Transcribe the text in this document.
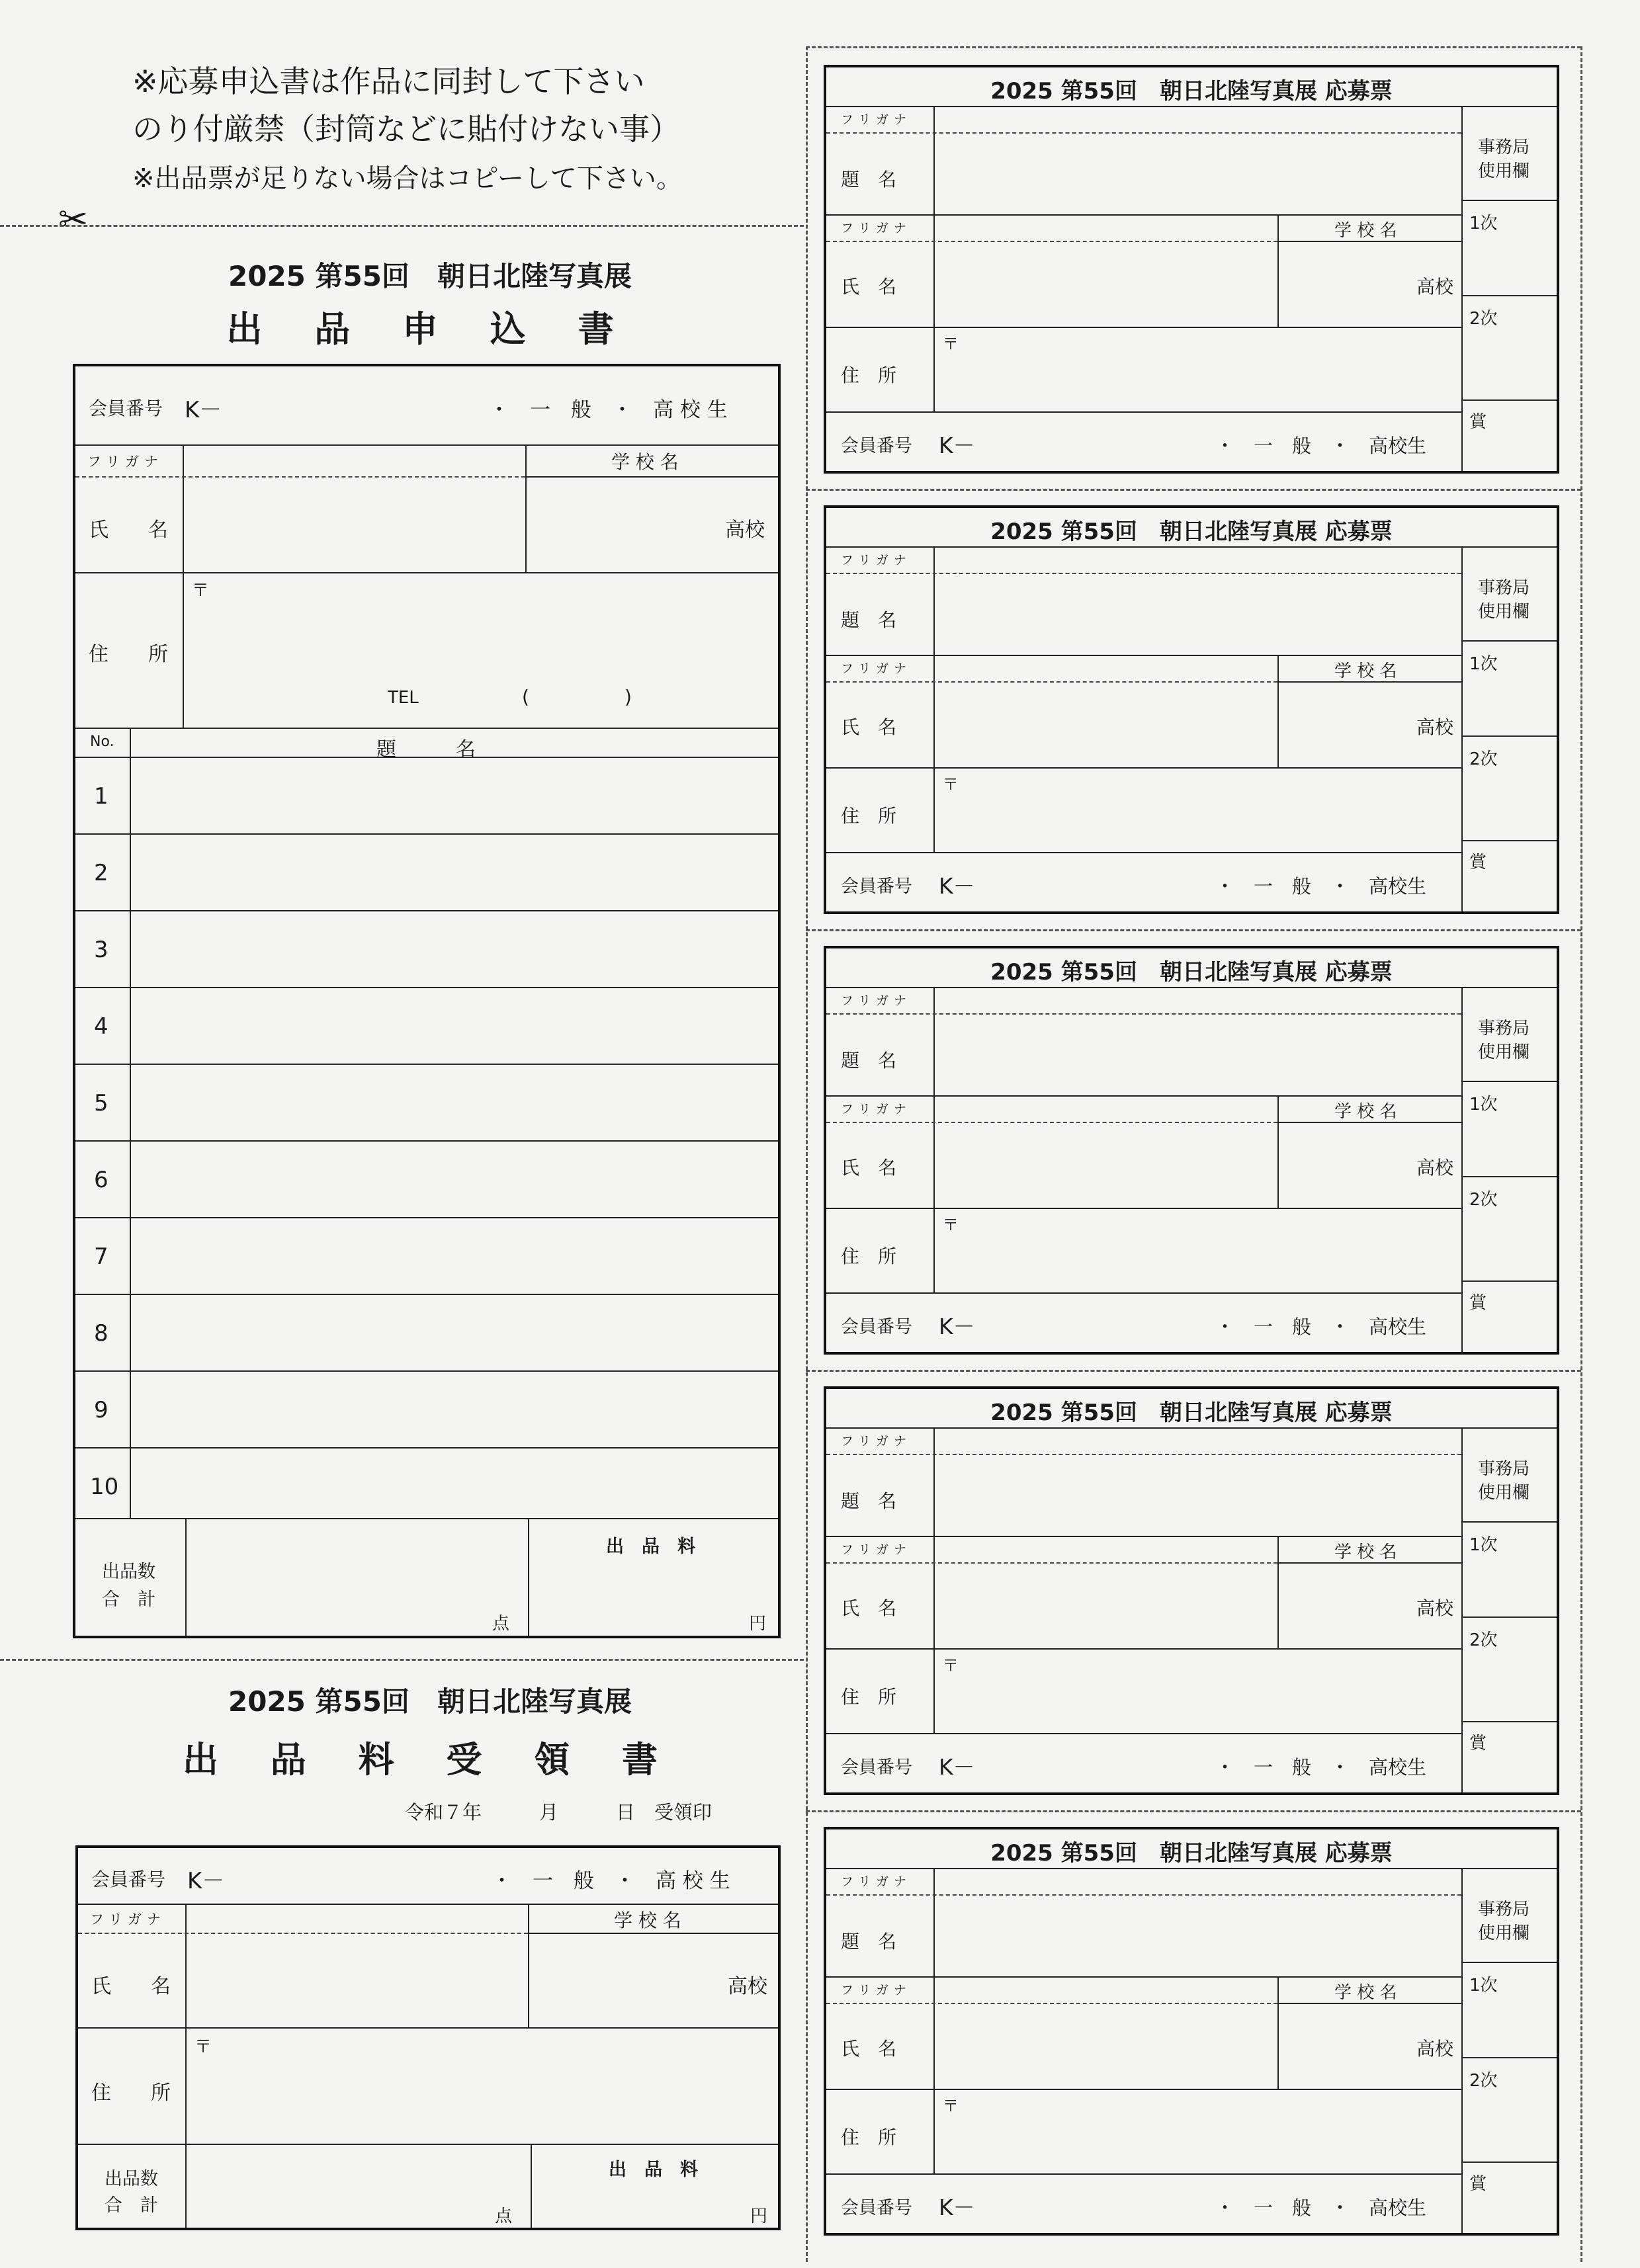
※応募申込書は作品に同封して下さい
のり付厳禁（封筒などに貼付けない事）
※出品票が足りない場合はコピーして下さい。
✂
2025 第55回　朝日北陸写真展
出 品 申 込 書
会員番号 K－	・　一　般　・　高 校 生
フリガナ	学 校 名
氏　　名	高校
住　　所
〒
TEL	(	)
No.	題　　　名
1
2
3
4
5
6
7
8
9
10
出品数
合　計
点
出　品　料
円
2025 第55回　朝日北陸写真展
出 品 料 受 領 書
令和７年　　　月　　　日　受領印
会員番号 K－	・　一　般　・　高 校 生
フリガナ	学 校 名
氏　　名	高校
住　　所
〒
出品数
合　計
点
出　品　料
円
2025 第55回　朝日北陸写真展 応募票
事務局
使用欄
1次
2次
賞
フリガナ
題　名
フリガナ	学 校 名
氏　名	高校
住　所
〒
会員番号 K－	・　一　般　・　高校生
2025 第55回　朝日北陸写真展 応募票
事務局
使用欄
1次
2次
賞
フリガナ
題　名
フリガナ	学 校 名
氏　名	高校
住　所
〒
会員番号 K－	・　一　般　・　高校生
2025 第55回　朝日北陸写真展 応募票
事務局
使用欄
1次
2次
賞
フリガナ
題　名
フリガナ	学 校 名
氏　名	高校
住　所
〒
会員番号 K－	・　一　般　・　高校生
2025 第55回　朝日北陸写真展 応募票
事務局
使用欄
1次
2次
賞
フリガナ
題　名
フリガナ	学 校 名
氏　名	高校
住　所
〒
会員番号 K－	・　一　般　・　高校生
2025 第55回　朝日北陸写真展 応募票
事務局
使用欄
1次
2次
賞
フリガナ
題　名
フリガナ	学 校 名
氏　名	高校
住　所
〒
会員番号 K－	・　一　般　・　高校生
